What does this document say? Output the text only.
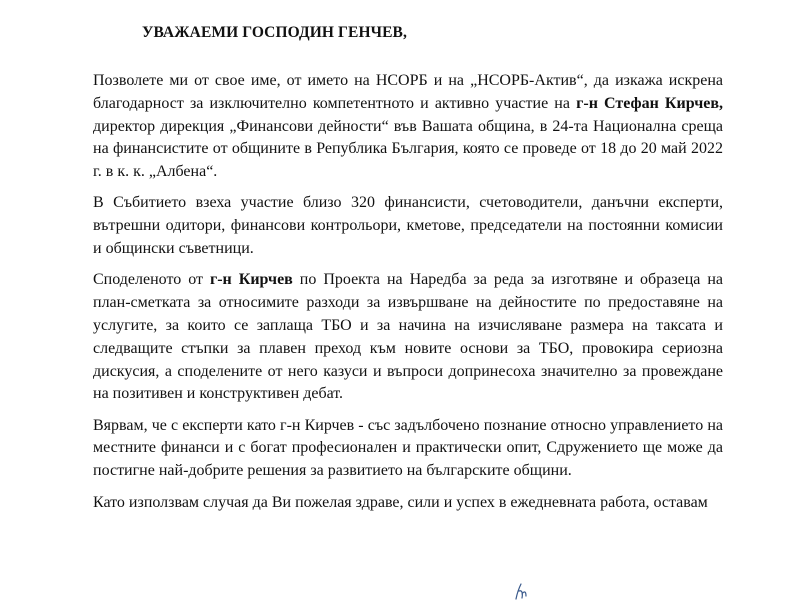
УВАЖАЕМИ ГОСПОДИН ГЕНЧЕВ,

Позволете ми от свое име, от името на НСОРБ и на „НСОРБ-Актив“, да изкажа искрена благодарност за изключително компетентното и активно участие на г-н Стефан Кирчев, директор дирекция „Финансови дейности“ във Вашата община, в 24-та Национална среща на финансистите от общините в Република България, която се проведе от 18 до 20 май 2022 г. в к. к. „Албена“.

В Събитието взеха участие близо 320 финансисти, счетоводители, данъчни експерти, вътрешни одитори, финансови контрольори, кметове, председатели на постоянни комисии и общински съветници.

Споделеното от г-н Кирчев по Проекта на Наредба за реда за изготвяне и образеца на план-сметката за относимите разходи за извършване на дейностите по предоставяне на услугите, за които се заплаща ТБО и за начина на изчисляване размера на таксата и следващите стъпки за плавен преход към новите основи за ТБО, провокира сериозна дискусия, а споделените от него казуси и въпроси допринесоха значително за провеждане на позитивен и конструктивен дебат.

Вярвам, че с експерти като г-н Кирчев - със задълбочено познание относно управлението на местните финанси и с богат професионален и практически опит, Сдружението ще може да постигне най-добрите решения за развитието на българските общини.

Като използвам случая да Ви пожелая здраве, сили и успех в ежедневната работа, оставам
